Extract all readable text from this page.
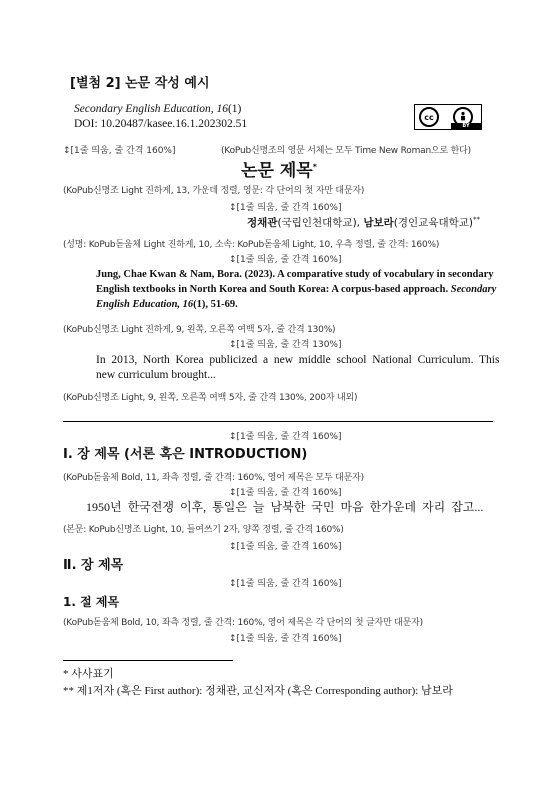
[별첨 2] 논문 작성 예시
Secondary English Education, 16(1)
DOI: 10.20487/kasee.16.1.202302.51
cc
BY
↕[1줄 띄움, 줄 간격 160%]	(KoPub신명조의 영문 서체는 모두 Time New Roman으로 한다)
논문 제목*
(KoPub신명조 Light 진하게, 13, 가운데 정렬, 영문: 각 단어의 첫 자만 대문자)
↕[1줄 띄움, 줄 간격 160%]
정채관(국립인천대학교), 남보라(경인교육대학교)**
(성명: KoPub돋움체 Light 진하게, 10, 소속: KoPub돋움체 Light, 10, 우측 정렬, 줄 간격: 160%)
↕[1줄 띄움, 줄 간격 160%]
Jung, Chae Kwan & Nam, Bora. (2023). A comparative study of vocabulary in secondary
English textbooks in North Korea and South Korea: A corpus-based approach. Secondary
English Education, 16(1), 51-69.
(KoPub신명조 Light 진하게, 9, 왼쪽, 오른쪽 여백 5자, 줄 간격 130%)
↕[1줄 띄움, 줄 간격 130%]
In  2013,  North  Korea  publicized  a  new  middle  school  National  Curriculum.  This
new curriculum brought...
(KoPub신명조 Light, 9, 왼쪽, 오른쪽 여백 5자, 줄 간격 130%, 200자 내외)
↕[1줄 띄움, 줄 간격 160%]
Ⅰ. 장 제목 (서론 혹은 INTRODUCTION)
(KoPub돋움체 Bold, 11, 좌측 정렬, 줄 간격: 160%, 영어 제목은 모두 대문자)
↕[1줄 띄움, 줄 간격 160%]
1950년  한국전쟁  이후,  통일은  늘  남북한  국민  마음  한가운데  자리  잡고...
(본문: KoPub신명조 Light, 10, 들여쓰기 2자, 양쪽 정렬, 줄 간격 160%)
↕[1줄 띄움, 줄 간격 160%]
Ⅱ. 장 제목
↕[1줄 띄움, 줄 간격 160%]
1. 절 제목
(KoPub돋움체 Bold, 10, 좌측 정렬, 줄 간격: 160%, 영어 제목은 각 단어의 첫 글자만 대문자)
↕[1줄 띄움, 줄 간격 160%]
* 사사표기
** 제1저자 (혹은 First author): 정채관, 교신저자 (혹은 Corresponding author): 남보라
